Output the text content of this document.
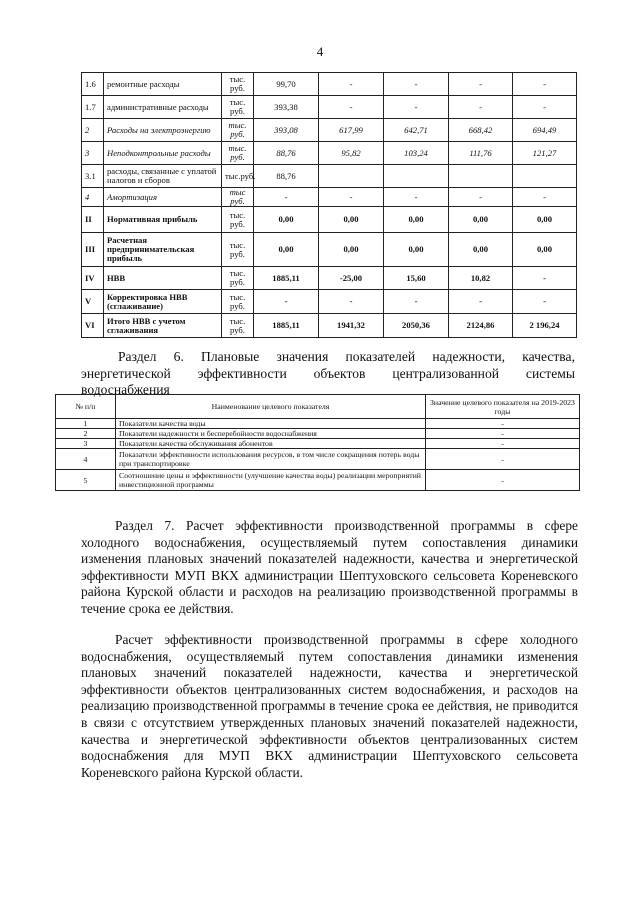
4
1.6	ремонтные расходы	тыс. руб.	99,70	-	-	-	-
1.7	административные расходы	тыс. руб.	393,38	-	-	-	-
2	Расходы на электроэнергию	тыс. руб.	393,08	617,99	642,71	668,42	694,49
3	Неподконтрольные расходы	тыс. руб.	88,76	95,82	103,24	111,76	121,27
3.1	расходы, связанные с уплатой налогов и сборов	тыс.руб.	88,76				
4	Амортизация	тыс руб.	-	-	-	-	-
II	Нормативная прибыль	тыс. руб.	0,00	0,00	0,00	0,00	0,00
III	Расчетная предпринимательская прибыль	тыс. руб.	0,00	0,00	0,00	0,00	0,00
IV	НВВ	тыс. руб.	1885,11	-25,00	15,60	10,82	-
V	Корректировка НВВ (сглаживание)	тыс. руб.	-	-	-	-	-
VI	Итого НВВ с учетом сглаживания	тыс. руб.	1885,11	1941,32	2050,36	2124,86	2 196,24
Раздел 6. Плановые значения показателей надежности, качества,
энергетической эффективности объектов централизованной системы
водоснабжения
№ п/п	Наименование целевого показателя	Значение целевого показателя на 2019-2023 годы
1	Показатели качества воды	-
2	Показатели надежности и бесперебойности водоснабжения	-
3	Показатели качества обслуживания абонентов	-
4	Показатели эффективности использования ресурсов, в том числе сокращения потерь воды при транспортировке	-
5	Соотношение цены и эффективности (улучшение качества воды) реализации мероприятий инвестиционной программы	-
Раздел 7. Расчет эффективности производственной программы в сфере холодного водоснабжения, осуществляемый путем сопоставления динамики изменения плановых значений показателей надежности, качества и энергетической эффективности МУП ВКХ администрации Шептуховского сельсовета Кореневского района Курской области и расходов на реализацию производственной программы в течение срока ее действия.
Расчет эффективности производственной программы в сфере холодного водоснабжения, осуществляемый путем сопоставления динамики изменения плановых значений показателей надежности, качества и энергетической эффективности объектов централизованных систем водоснабжения, и расходов на реализацию производственной программы в течение срока ее действия, не приводится в связи с отсутствием утвержденных плановых значений показателей надежности, качества и энергетической эффективности объектов централизованных систем водоснабжения для МУП ВКХ администрации Шептуховского сельсовета Кореневского района Курской области.
